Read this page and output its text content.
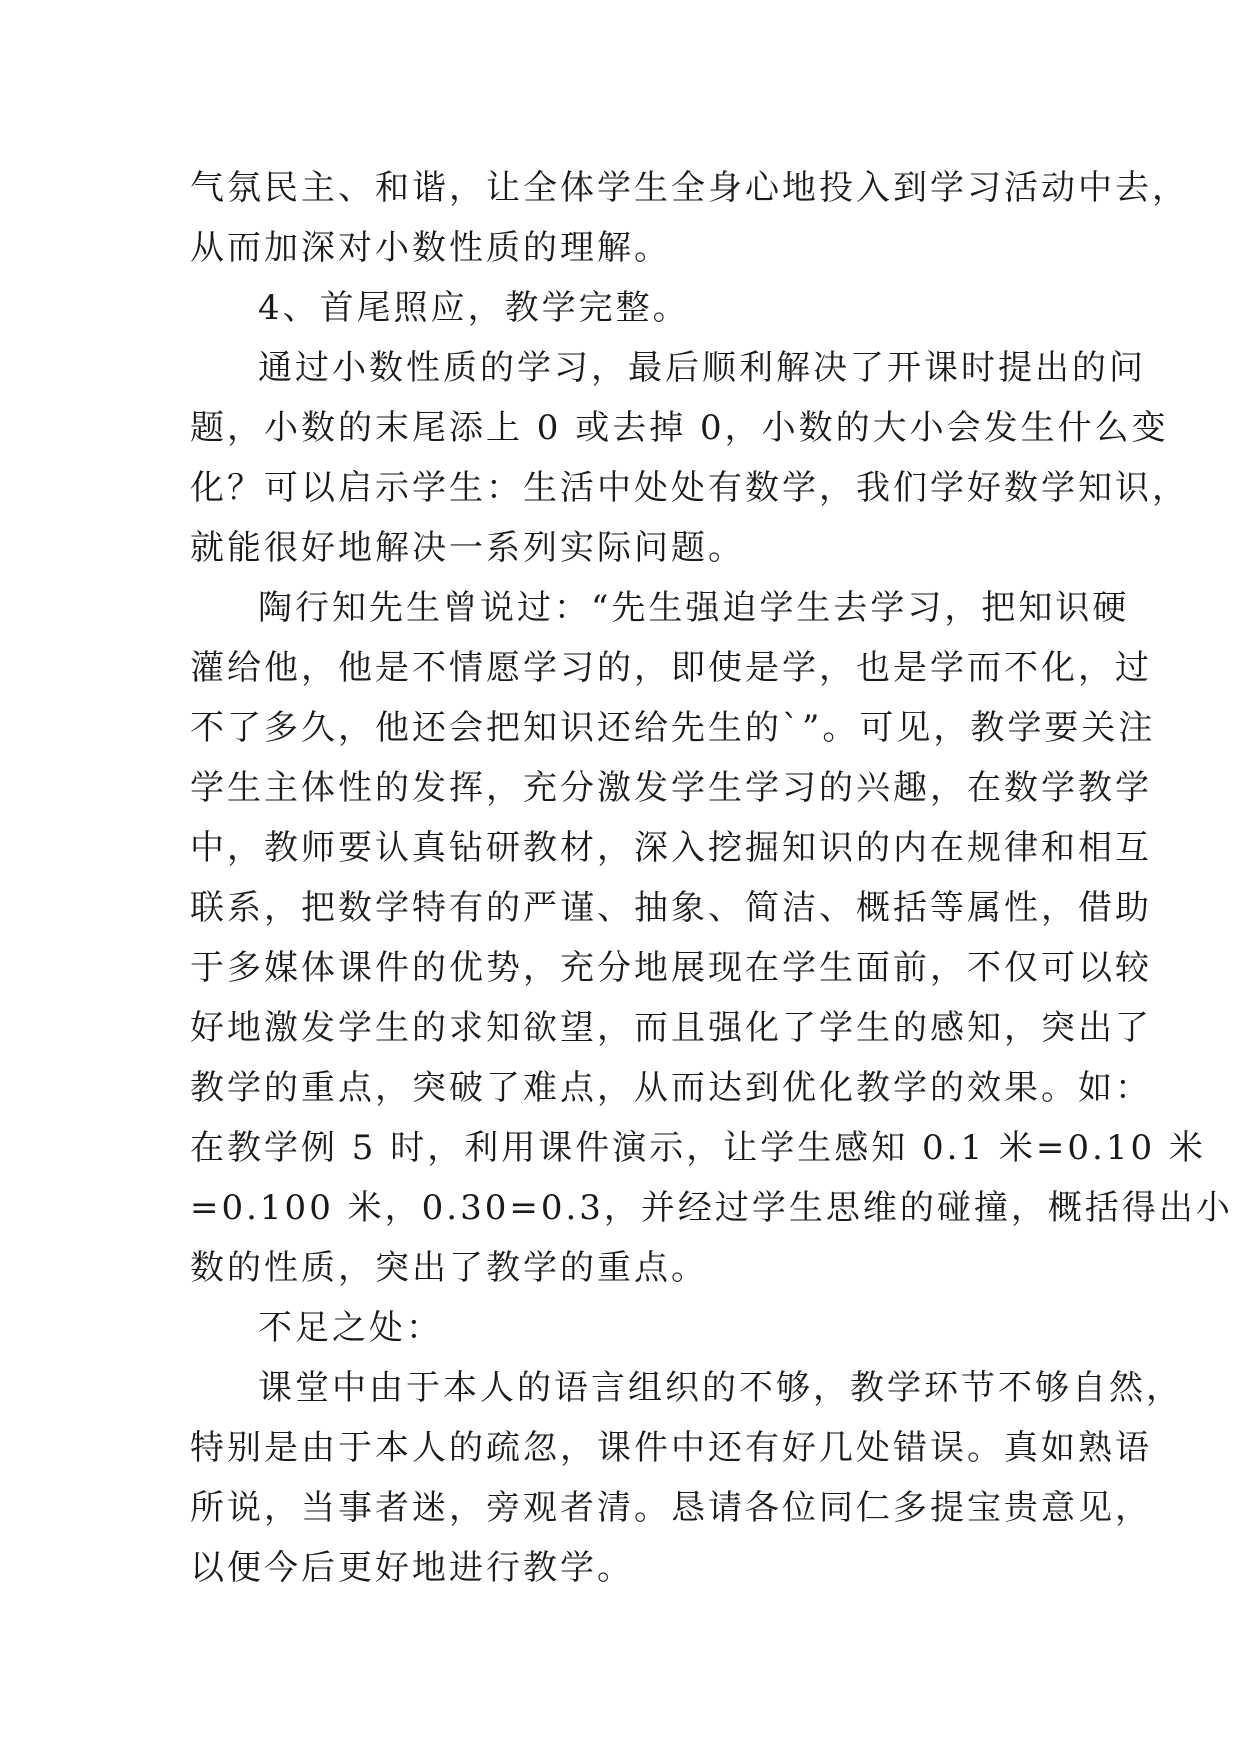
气氛民主、和谐，让全体学生全身心地投入到学习活动中去，
从而加深对小数性质的理解。
4、首尾照应，教学完整。
通过小数性质的学习，最后顺利解决了开课时提出的问
题，小数的末尾添上 0 或去掉 0，小数的大小会发生什么变
化？可以启示学生：生活中处处有数学，我们学好数学知识，
就能很好地解决一系列实际问题。
陶行知先生曾说过：“先生强迫学生去学习，把知识硬
灌给他，他是不情愿学习的，即使是学，也是学而不化，过
不了多久，他还会把知识还给先生的`”。可见，教学要关注
学生主体性的发挥，充分激发学生学习的兴趣，在数学教学
中，教师要认真钻研教材，深入挖掘知识的内在规律和相互
联系，把数学特有的严谨、抽象、简洁、概括等属性，借助
于多媒体课件的优势，充分地展现在学生面前，不仅可以较
好地激发学生的求知欲望，而且强化了学生的感知，突出了
教学的重点，突破了难点，从而达到优化教学的效果。如：
在教学例 5 时，利用课件演示，让学生感知 0.1 米=0.10 米
=0.100 米，0.30=0.3，并经过学生思维的碰撞，概括得出小
数的性质，突出了教学的重点。
不足之处：
课堂中由于本人的语言组织的不够，教学环节不够自然，
特别是由于本人的疏忽，课件中还有好几处错误。真如熟语
所说，当事者迷，旁观者清。恳请各位同仁多提宝贵意见，
以便今后更好地进行教学。
